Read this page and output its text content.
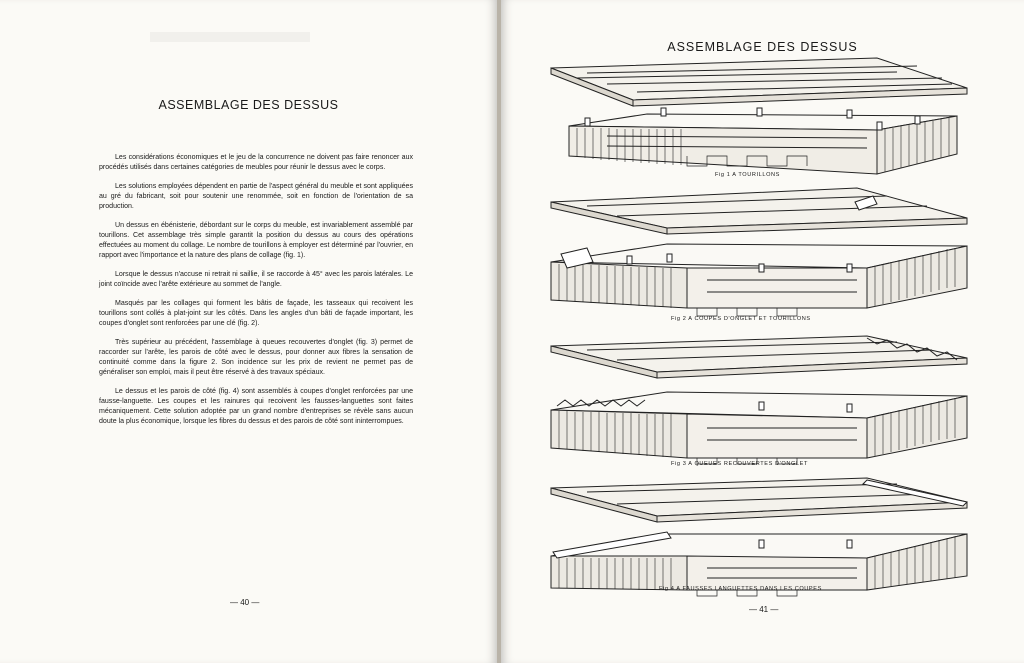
ASSEMBLAGE DES DESSUS

Les considérations économiques et le jeu de la concurrence ne doivent pas faire renoncer aux procédés utilisés dans certaines catégories de meubles pour réunir le dessus avec le corps.

Les solutions employées dépendent en partie de l'aspect général du meuble et sont appliquées au gré du fabricant, soit pour soutenir une renommée, soit en fonction de l'orientation de sa production.

Un dessus en ébénisterie, débordant sur le corps du meuble, est invariablement assemblé par tourillons. Cet assemblage très simple garantit la position du dessus au cours des opérations effectuées au moment du collage. Le nombre de tourillons à employer est déterminé par l'ouvrier, en rapport avec l'importance et la nature des plans de collage (fig. 1).

Lorsque le dessus n'accuse ni retrait ni saillie, il se raccorde à 45° avec les parois latérales. Le joint coïncide avec l'arête extérieure au sommet de l'angle.

Masqués par les collages qui forment les bâtis de façade, les tasseaux qui recoivent les tourillons sont collés à plat-joint sur les côtés. Dans les angles d'un bâti de façade important, les coupes d'onglet sont renforcées par une clé (fig. 2).

Très supérieur au précédent, l'assemblage à queues recouvertes d'onglet (fig. 3) permet de raccorder sur l'arête, les parois de côté avec le dessus, pour donner aux fibres la sensation de continuité comme dans la figure 2. Son incidence sur les prix de revient ne permet pas de généraliser son emploi, mais il peut être réservé à des travaux spéciaux.

Le dessus et les parois de côté (fig. 4) sont assemblés à coupes d'onglet renforcées par une fausse-languette. Les coupes et les rainures qui recoivent les fausses-languettes sont faites mécaniquement. Cette solution adoptée par un grand nombre d'entreprises se révèle sans aucun doute la plus économique, lorsque les fibres du dessus et des parois de côté sont ininterrompues.

— 40 —
ASSEMBLAGE DES DESSUS
Fig 1 A TOURILLONS
Fig 2 A COUPES D'ONGLET ET TOURILLONS
Fig 3 A QUEUES RECOUVERTES D'ONGLET
Fig 4 A FAUSSES LANGUETTES DANS LES COUPES
— 41 —
